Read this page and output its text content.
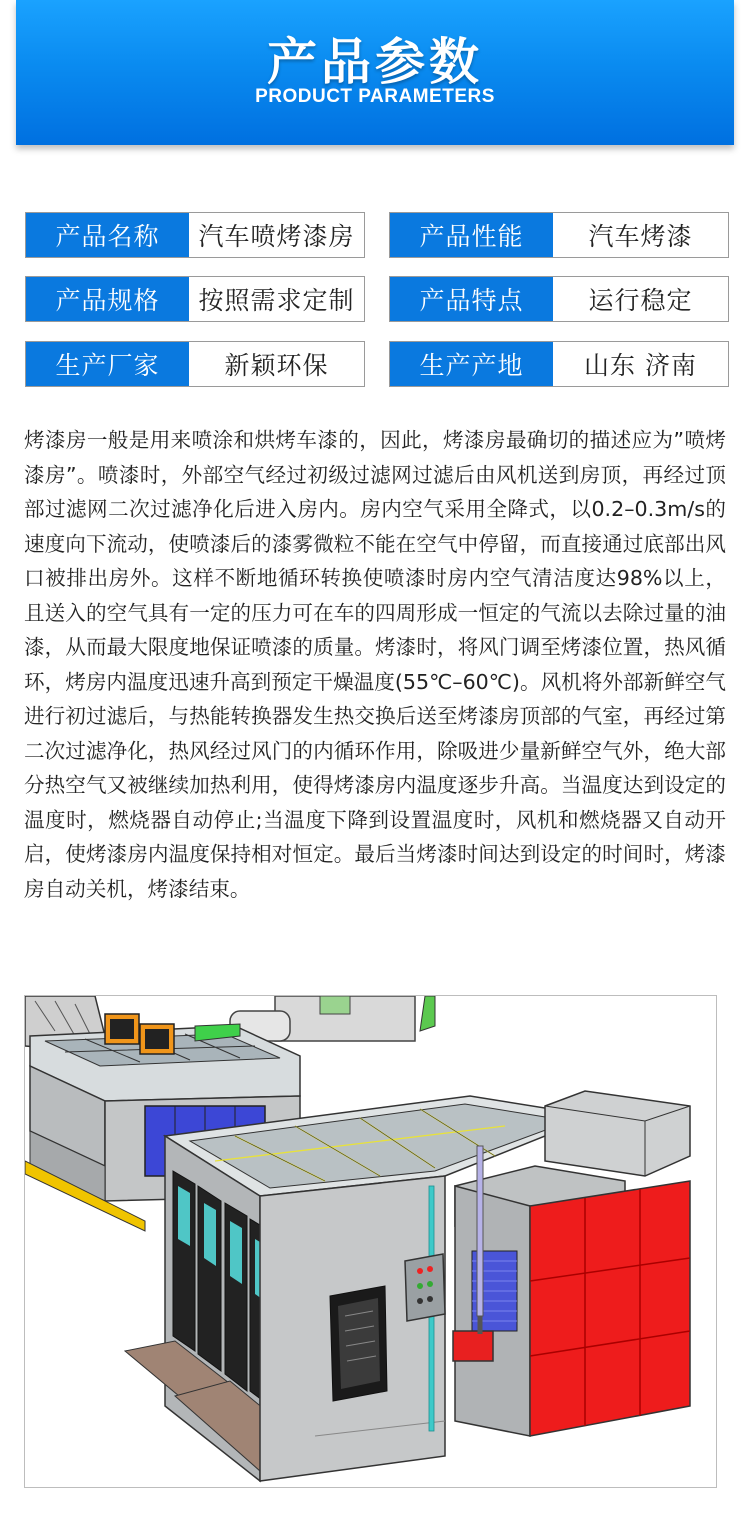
产品参数
PRODUCT PARAMETERS
产品名称	汽车喷烤漆房	产品性能	汽车烤漆
产品规格	按照需求定制	产品特点	运行稳定
生产厂家	新颖环保	生产产地	山东 济南
烤漆房一般是用来喷涂和烘烤车漆的，因此，烤漆房最确切的描述应为”喷烤漆房”。喷漆时，外部空气经过初级过滤网过滤后由风机送到房顶，再经过顶部过滤网二次过滤净化后进入房内。房内空气采用全降式，以0.2–0.3m/s的速度向下流动，使喷漆后的漆雾微粒不能在空气中停留，而直接通过底部出风口被排出房外。这样不断地循环转换使喷漆时房内空气清洁度达98%以上，且送入的空气具有一定的压力可在车的四周形成一恒定的气流以去除过量的油漆，从而最大限度地保证喷漆的质量。烤漆时，将风门调至烤漆位置，热风循环，烤房内温度迅速升高到预定干燥温度(55℃–60℃)。风机将外部新鲜空气进行初过滤后，与热能转换器发生热交换后送至烤漆房顶部的气室，再经过第二次过滤净化，热风经过风门的内循环作用，除吸进少量新鲜空气外，绝大部分热空气又被继续加热利用，使得烤漆房内温度逐步升高。当温度达到设定的温度时，燃烧器自动停止;当温度下降到设置温度时，风机和燃烧器又自动开启，使烤漆房内温度保持相对恒定。最后当烤漆时间达到设定的时间时，烤漆房自动关机，烤漆结束。
